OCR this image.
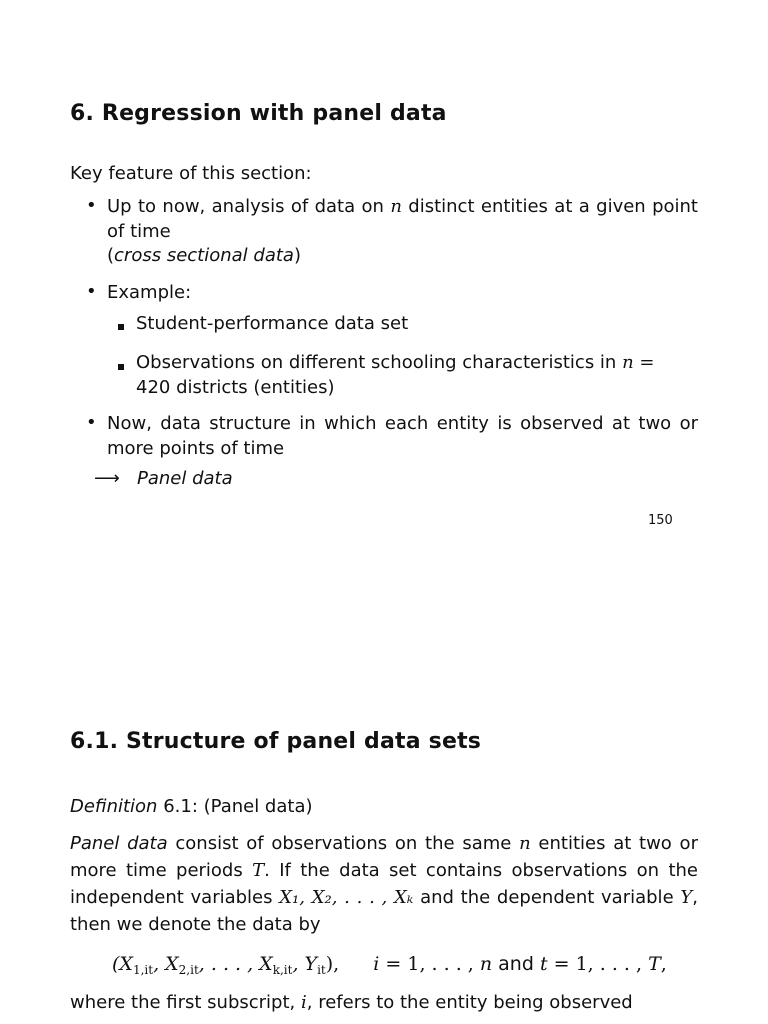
6. Regression with panel data
Key feature of this section:
• Up to now, analysis of data on n distinct entities at a given point of time
(cross sectional data)
• Example:
Student-performance data set
Observations on different schooling characteristics in n =
420 districts (entities)
• Now, data structure in which each entity is observed at two or more points of time
⟶ Panel data
150
6.1. Structure of panel data sets
Definition 6.1: (Panel data)
Panel data consist of observations on the same n entities at two or more time periods T. If the data set contains observations on the independent variables X₁, X₂, . . . , Xₖ and the dependent variable Y, then we denote the data by
($X_{1,it}$, $X_{2,it}$, . . . , $X_{k,it}$, $Y_{it}$), i = 1, . . . , n and t = 1, . . . , T,
where the first subscript, i, refers to the entity being observed
